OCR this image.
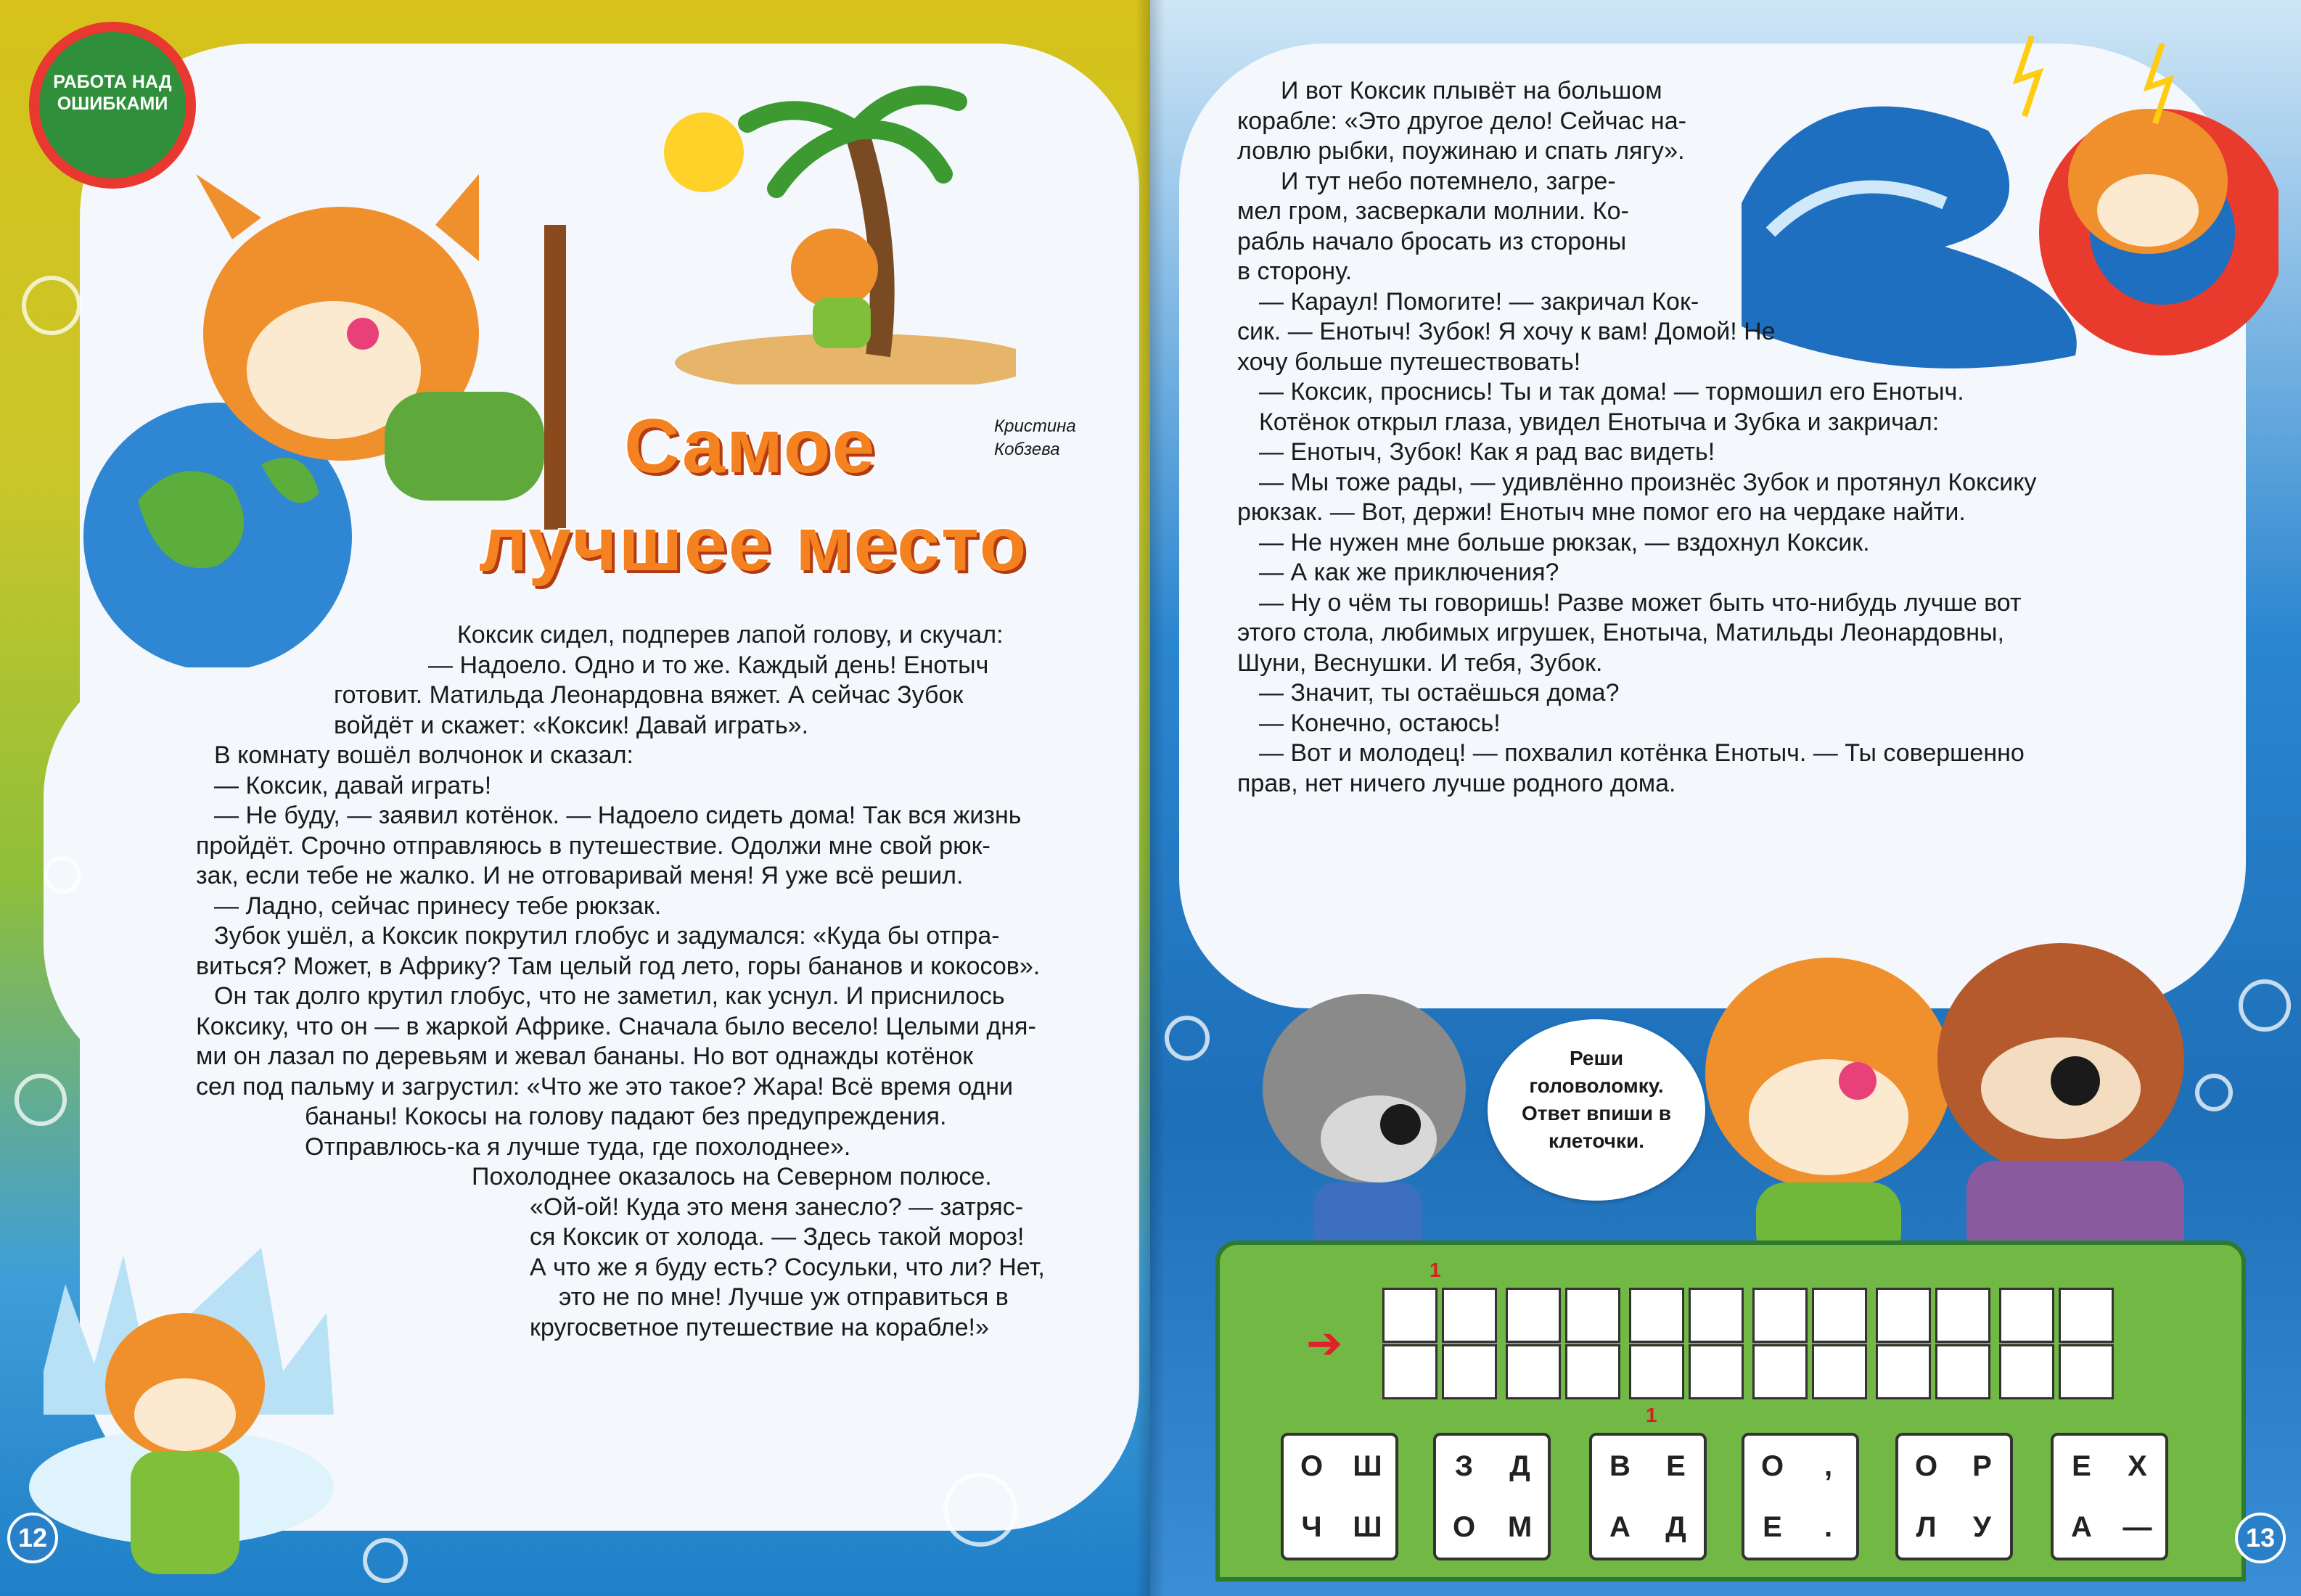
РАБОТА НАД ОШИБКАМИ
Самое
лучшее место
Кристина
Кобзева

Коксик сидел, подперев лапой голову, и скучал:

— Надоело. Одно и то же. Каждый день! Енотыч

готовит. Матильда Леонардовна вяжет. А сейчас Зубок

войдёт и скажет: «Коксик! Давай играть».

В комнату вошёл волчонок и сказал:

— Коксик, давай играть!

— Не буду, — заявил котёнок. — Надоело сидеть дома! Так вся жизнь

пройдёт. Срочно отправляюсь в путешествие. Одолжи мне свой рюк-

зак, если тебе не жалко. И не отговаривай меня! Я уже всё решил.

— Ладно, сейчас принесу тебе рюкзак.

Зубок ушёл, а Коксик покрутил глобус и задумался: «Куда бы отпра-

виться? Может, в Африку? Там целый год лето, горы бананов и кокосов».

Он так долго крутил глобус, что не заметил, как уснул. И приснилось

Коксику, что он — в жаркой Африке. Сначала было весело! Целыми дня-

ми он лазал по деревьям и жевал бананы. Но вот однажды котёнок

сел под пальму и загрустил: «Что же это такое? Жара! Всё время одни

бананы! Кокосы на голову падают без предупреждения.

Отправлюсь-ка я лучше туда, где похолоднее».

Похолоднее оказалось на Северном полюсе.

«Ой-ой! Куда это меня занесло? — затряс-

ся Коксик от холода. — Здесь такой мороз!

А что же я буду есть? Сосульки, что ли? Нет,

это не по мне! Лучше уж отправиться в

кругосветное путешествие на корабле!»

И вот Коксик плывёт на большом

корабле: «Это другое дело! Сейчас на-

ловлю рыбки, поужинаю и спать лягу».

И тут небо потемнело, загре-

мел гром, засверкали молнии. Ко-

рабль начало бросать из стороны

в сторону.

— Караул! Помогите! — закричал Кок-

сик. — Енотыч! Зубок! Я хочу к вам! Домой! Не

хочу больше путешествовать!

— Коксик, проснись! Ты и так дома! — тормошил его Енотыч.

Котёнок открыл глаза, увидел Енотыча и Зубка и закричал:

— Енотыч, Зубок! Как я рад вас видеть!

— Мы тоже рады, — удивлённо произнёс Зубок и протянул Коксику

рюкзак. — Вот, держи! Енотыч мне помог его на чердаке найти.

— Не нужен мне больше рюкзак, — вздохнул Коксик.

— А как же приключения?

— Ну о чём ты говоришь! Разве может быть что-нибудь лучше вот

этого стола, любимых игрушек, Енотыча, Матильды Леонардовны,

Шуни, Веснушки. И тебя, Зубок.

— Значит, ты остаёшься дома?

— Конечно, остаюсь!

— Вот и молодец! — похвалил котёнка Енотыч. — Ты совершенно

прав, нет ничего лучше родного дома.

Реши головоломку. Ответ впиши в клеточки.
➔
1
1
О	Ш
Ч	Ш
З	Д
О	М
В	Е
А	Д
О	,
Е	.
О	Р
Л	У
Е	Х
А	—
12	13
